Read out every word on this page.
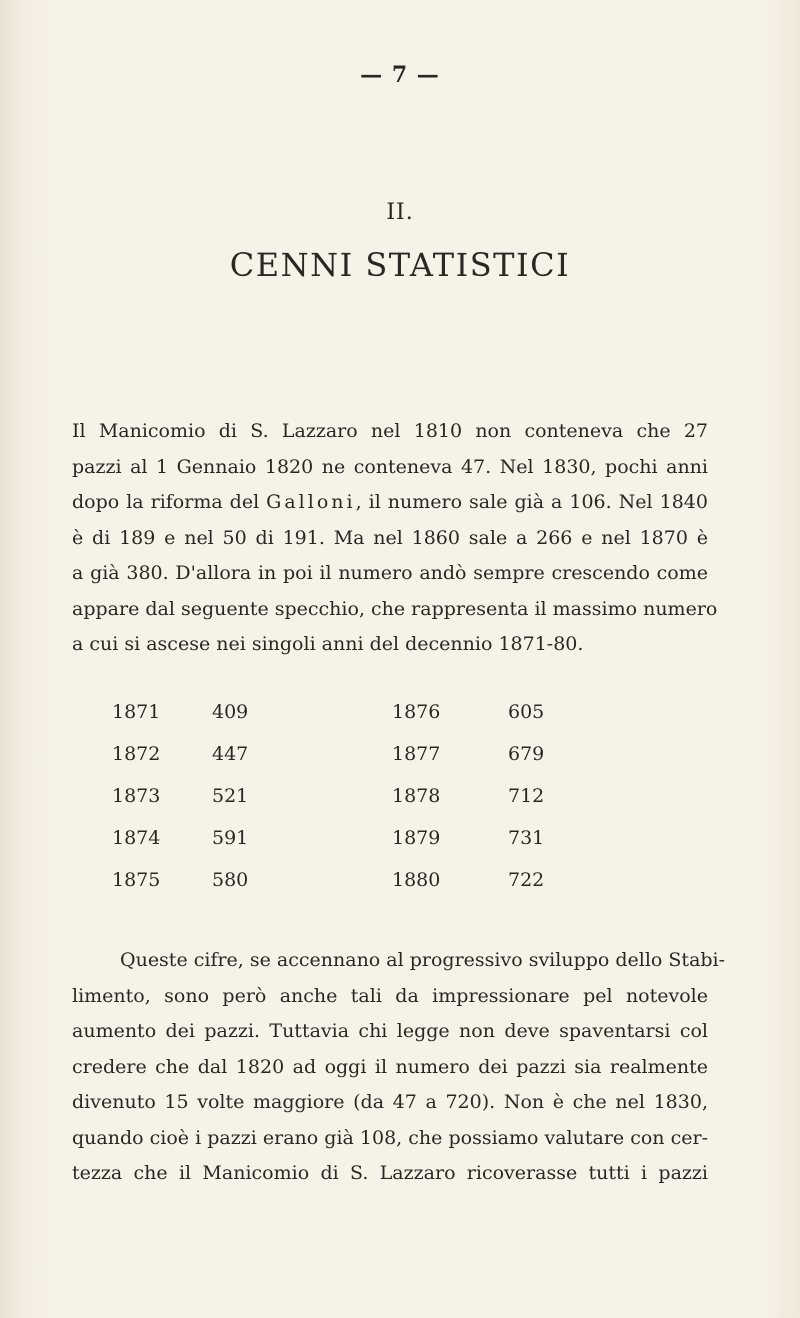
— 7 —
II.
CENNI STATISTICI

Il Manicomio di S. Lazzaro nel 1810 non conteneva che 27
pazzi al 1 Gennaio 1820 ne conteneva 47. Nel 1830, pochi anni
dopo la riforma del Galloni, il numero sale già a 106. Nel 1840
è di 189 e nel 50 di 191. Ma nel 1860 sale a 266 e nel 1870 è
a già 380. D'allora in poi il numero andò sempre crescendo come
appare dal seguente specchio, che rappresenta il massimo numero
a cui si ascese nei singoli anni del decennio 1871-80.

1871	409	1876	605
1872	447	1877	679
1873	521	1878	712
1874	591	1879	731
1875	580	1880	722

Queste cifre, se accennano al progressivo sviluppo dello Stabi-
limento, sono però anche tali da impressionare pel notevole
aumento dei pazzi. Tuttavia chi legge non deve spaventarsi col
credere che dal 1820 ad oggi il numero dei pazzi sia realmente
divenuto 15 volte maggiore (da 47 a 720). Non è che nel 1830,
quando cioè i pazzi erano già 108, che possiamo valutare con cer-
tezza che il Manicomio di S. Lazzaro ricoverasse tutti i pazzi
